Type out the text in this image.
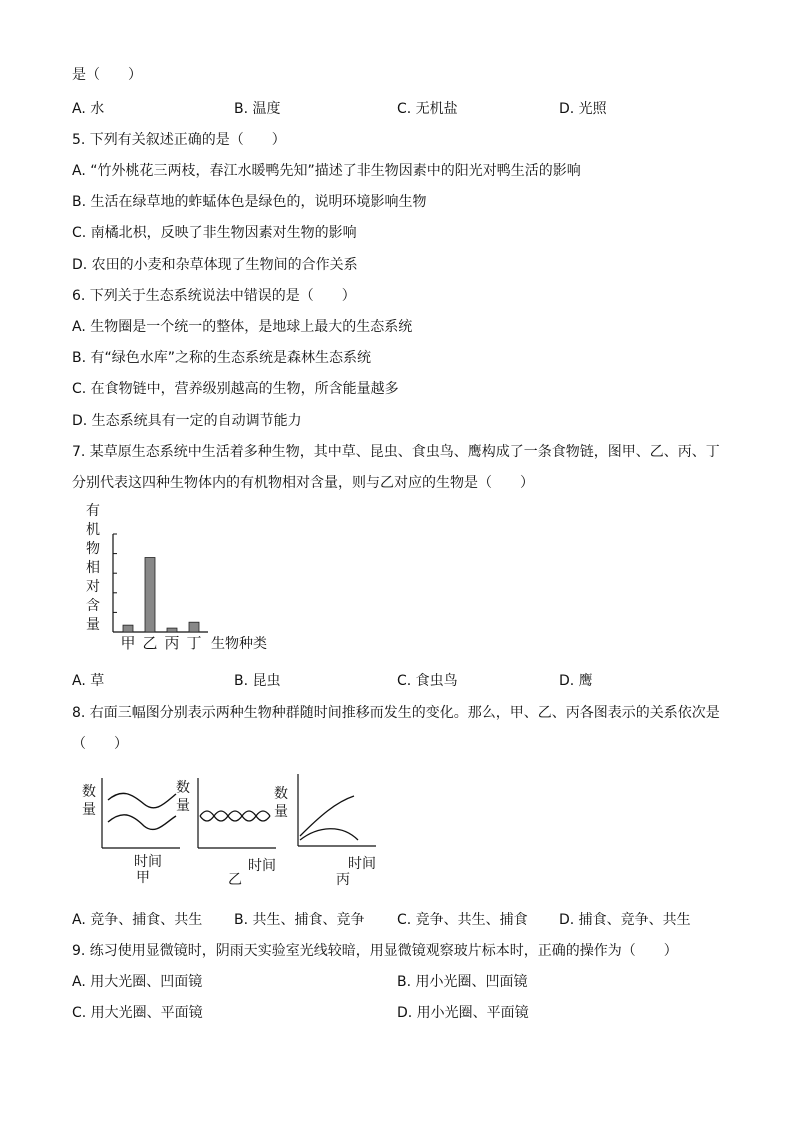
是（　　）
A. 水	B. 温度	C. 无机盐	D. 光照
5. 下列有关叙述正确的是（　　）
A. “竹外桃花三两枝，春江水暖鸭先知”描述了非生物因素中的阳光对鸭生活的影响
B. 生活在绿草地的蚱蜢体色是绿色的，说明环境影响生物
C. 南橘北枳，反映了非生物因素对生物的影响
D. 农田的小麦和杂草体现了生物间的合作关系
6. 下列关于生态系统说法中错误的是（　　）
A. 生物圈是一个统一的整体，是地球上最大的生态系统
B. 有“绿色水库”之称的生态系统是森林生态系统
C. 在食物链中，营养级别越高的生物，所含能量越多
D. 生态系统具有一定的自动调节能力
7. 某草原生态系统中生活着多种生物，其中草、昆虫、食虫鸟、鹰构成了一条食物链，图甲、乙、丙、丁
分别代表这四种生物体内的有机物相对含量，则与乙对应的生物是（　　）
有机物相对含量
甲 乙 丙 丁 生物种类
A. 草	B. 昆虫	C. 食虫鸟	D. 鹰
8. 右面三幅图分别表示两种生物种群随时间推移而发生的变化。那么，甲、乙、丙各图表示的关系依次是
（　　）
数
量
时间
甲
数
量
时间
乙
数
量
时间
丙
A. 竞争、捕食、共生 B. 共生、捕食、竞争 C. 竞争、共生、捕食 D. 捕食、竞争、共生
9. 练习使用显微镜时，阴雨天实验室光线较暗，用显微镜观察玻片标本时，正确的操作为（　　）
A. 用大光圈、凹面镜	B. 用小光圈、凹面镜
C. 用大光圈、平面镜	D. 用小光圈、平面镜
